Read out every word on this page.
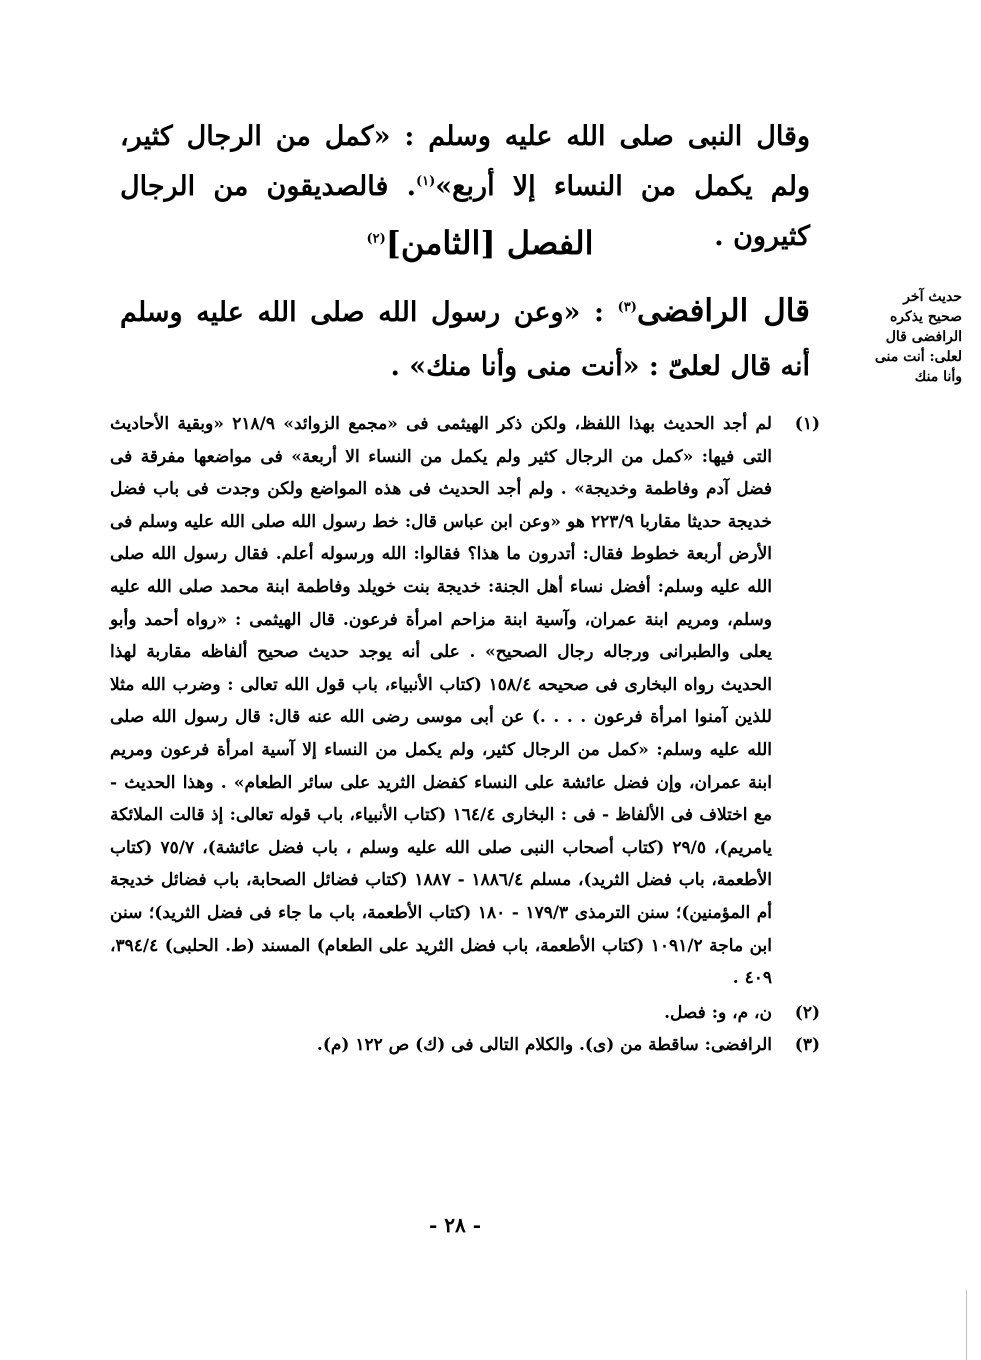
وقال النبى صلى الله عليه وسلم : «كمل من الرجال كثير، ولم يكمل من النساء إلا أربع»$^{(١)}$. فالصديقون من الرجال كثيرون .
الفصل [الثامن]$^{(٢)}$
قال الرافضى$^{(٣)}$ : «وعن رسول الله صلى الله عليه وسلم أنه قال لعلىّ : «أنت منى وأنا منك» .
حديث آخر
صحيح يذكره
الرافضى قال
لعلى: أنت منى
وأنا منك
(١)
لم أجد الحديث بهذا اللفظ، ولكن ذكر الهيثمى فى «مجمع الزوائد» ٢١٨/٩ «وبقية الأحاديث التى فيها: «كمل من الرجال كثير ولم يكمل من النساء الا أربعة» فى مواضعها مفرقة فى فضل آدم وفاطمة وخديجة» . ولم أجد الحديث فى هذه المواضع ولكن وجدت فى باب فضل خديجة حديثا مقاربا ٢٢٣/٩ هو «وعن ابن عباس قال: خط رسول الله صلى الله عليه وسلم فى الأرض أربعة خطوط فقال: أتدرون ما هذا؟ فقالوا: الله ورسوله أعلم. فقال رسول الله صلى الله عليه وسلم: أفضل نساء أهل الجنة: خديجة بنت خويلد وفاطمة ابنة محمد صلى الله عليه وسلم، ومريم ابنة عمران، وآسية ابنة مزاحم امرأة فرعون. قال الهيثمى : «رواه أحمد وأبو يعلى والطبرانى ورجاله رجال الصحيح» . على أنه يوجد حديث صحيح ألفاظه مقاربة لهذا الحديث رواه البخارى فى صحيحه ١٥٨/٤ (كتاب الأنبياء، باب قول الله تعالى : وضرب الله مثلا للذين آمنوا امرأة فرعون . . . .) عن أبى موسى رضى الله عنه قال: قال رسول الله صلى الله عليه وسلم: «كمل من الرجال كثير، ولم يكمل من النساء إلا آسية امرأة فرعون ومريم ابنة عمران، وإن فضل عائشة على النساء كفضل الثريد على سائر الطعام» . وهذا الحديث - مع اختلاف فى الألفاظ - فى : البخارى ١٦٤/٤ (كتاب الأنبياء، باب قوله تعالى: إذ قالت الملائكة يامريم)، ٢٩/٥ (كتاب أصحاب النبى صلى الله عليه وسلم ، باب فضل عائشة)، ٧٥/٧ (كتاب الأطعمة، باب فضل الثريد)، مسلم ١٨٨٦/٤ - ١٨٨٧ (كتاب فضائل الصحابة، باب فضائل خديجة أم المؤمنين)؛ سنن الترمذى ١٧٩/٣ - ١٨٠ (كتاب الأطعمة، باب ما جاء فى فضل الثريد)؛ سنن ابن ماجة ١٠٩١/٢ (كتاب الأطعمة، باب فضل الثريد على الطعام) المسند (ط. الحلبى) ٣٩٤/٤، ٤٠٩ .
(٢)
ن، م، و: فصل.
(٣)
الرافضى: ساقطة من (ى). والكلام التالى فى (ك) ص ١٢٢ (م).
- ٢٨ -
